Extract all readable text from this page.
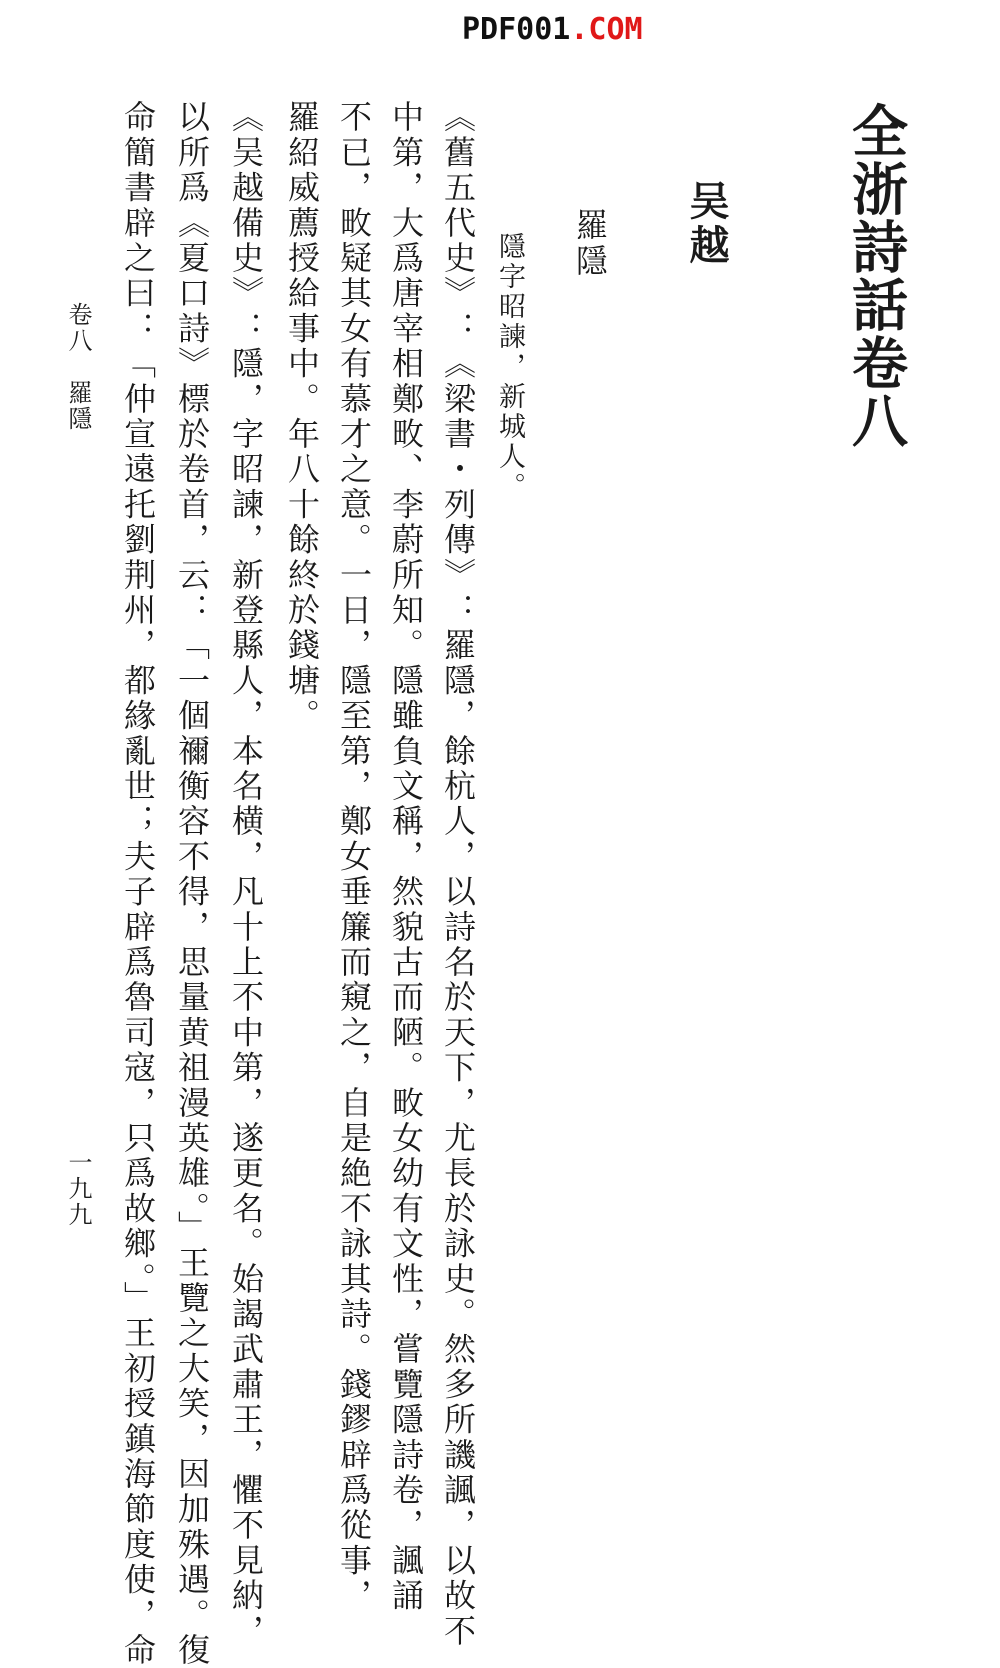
PDF001.COM
全浙詩話卷八
吴越
羅隱
隱字昭諫，新城人。
《舊五代史》：《梁書・列傳》：羅隱，餘杭人，以詩名於天下，尤長於詠史。然多所譏諷，以故不
中第，大爲唐宰相鄭畋、李蔚所知。隱雖負文稱，然貌古而陋。畋女幼有文性，嘗覽隱詩卷，諷誦
不已，畋疑其女有慕才之意。一日，隱至第，鄭女垂簾而窺之，自是絶不詠其詩。錢鏐辟爲從事，
羅紹威薦授給事中。年八十餘終於錢塘。
《吴越備史》：隱，字昭諫，新登縣人，本名横，凡十上不中第，遂更名。始謁武肅王，懼不見納，
以所爲《夏口詩》標於卷首，云：「一個禰衡容不得，思量黄祖漫英雄。」王覽之大笑，因加殊遇。復
命簡書辟之曰：「仲宣遠托劉荆州，都緣亂世；夫子辟爲魯司寇，只爲故鄉。」王初授鎮海節度使，命
卷八　羅隱
一九九
